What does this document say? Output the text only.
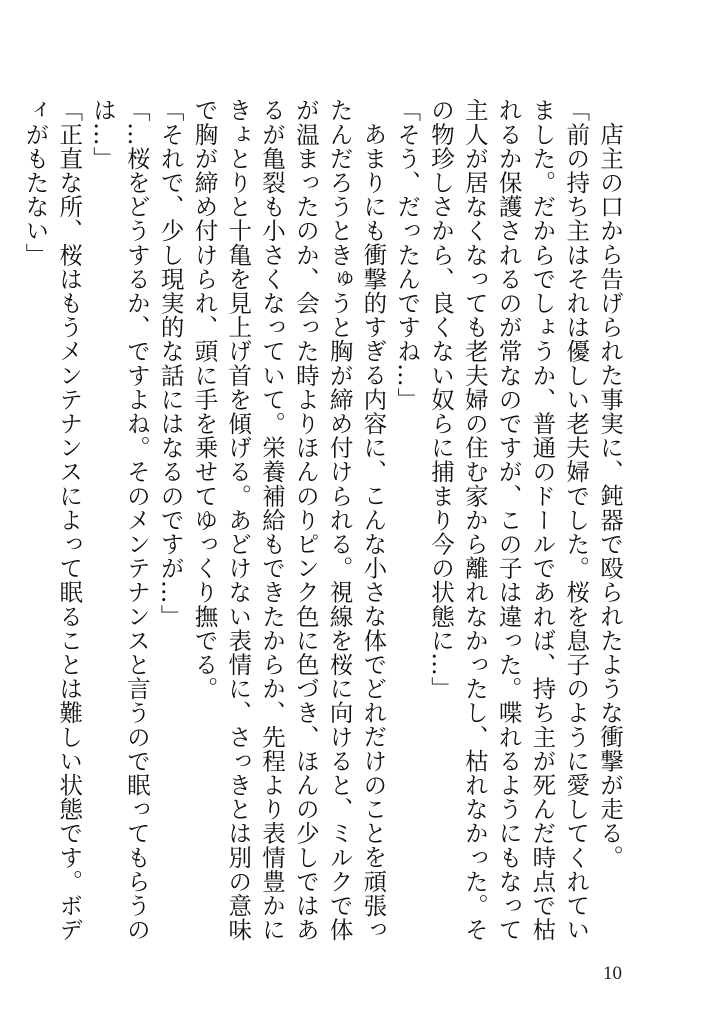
店主の口から告げられた事実に、鈍器で殴られたような衝撃が走る。

「前の持ち主はそれは優しい老夫婦でした。桜を息子のように愛してくれていました。だからでしょうか、普通のドールであれば、持ち主が死んだ時点で枯れるか保護されるのが常なのですが、この子は違った。喋れるようにもなって主人が居なくなっても老夫婦の住む家から離れなかったし、枯れなかった。その物珍しさから、良くない奴らに捕まり今の状態に…」

「そう、だったんですね…」

あまりにも衝撃的すぎる内容に、こんな小さな体でどれだけのことを頑張ったんだろうときゅうと胸が締め付けられる。視線を桜に向けると、ミルクで体が温まったのか、会った時よりほんのりピンク色に色づき、ほんの少しではあるが亀裂も小さくなっていて。栄養補給もできたからか、先程より表情豊かにきょとりと十亀を見上げ首を傾げる。あどけない表情に、さっきとは別の意味で胸が締め付けられ、頭に手を乗せてゆっくり撫でる。

「それで、少し現実的な話にはなるのですが…」

「…桜をどうするか、ですよね。そのメンテナンスと言うので眠ってもらうのは…」

「正直な所、桜はもうメンテナンスによって眠ることは難しい状態です。ボディがもたない」

10
